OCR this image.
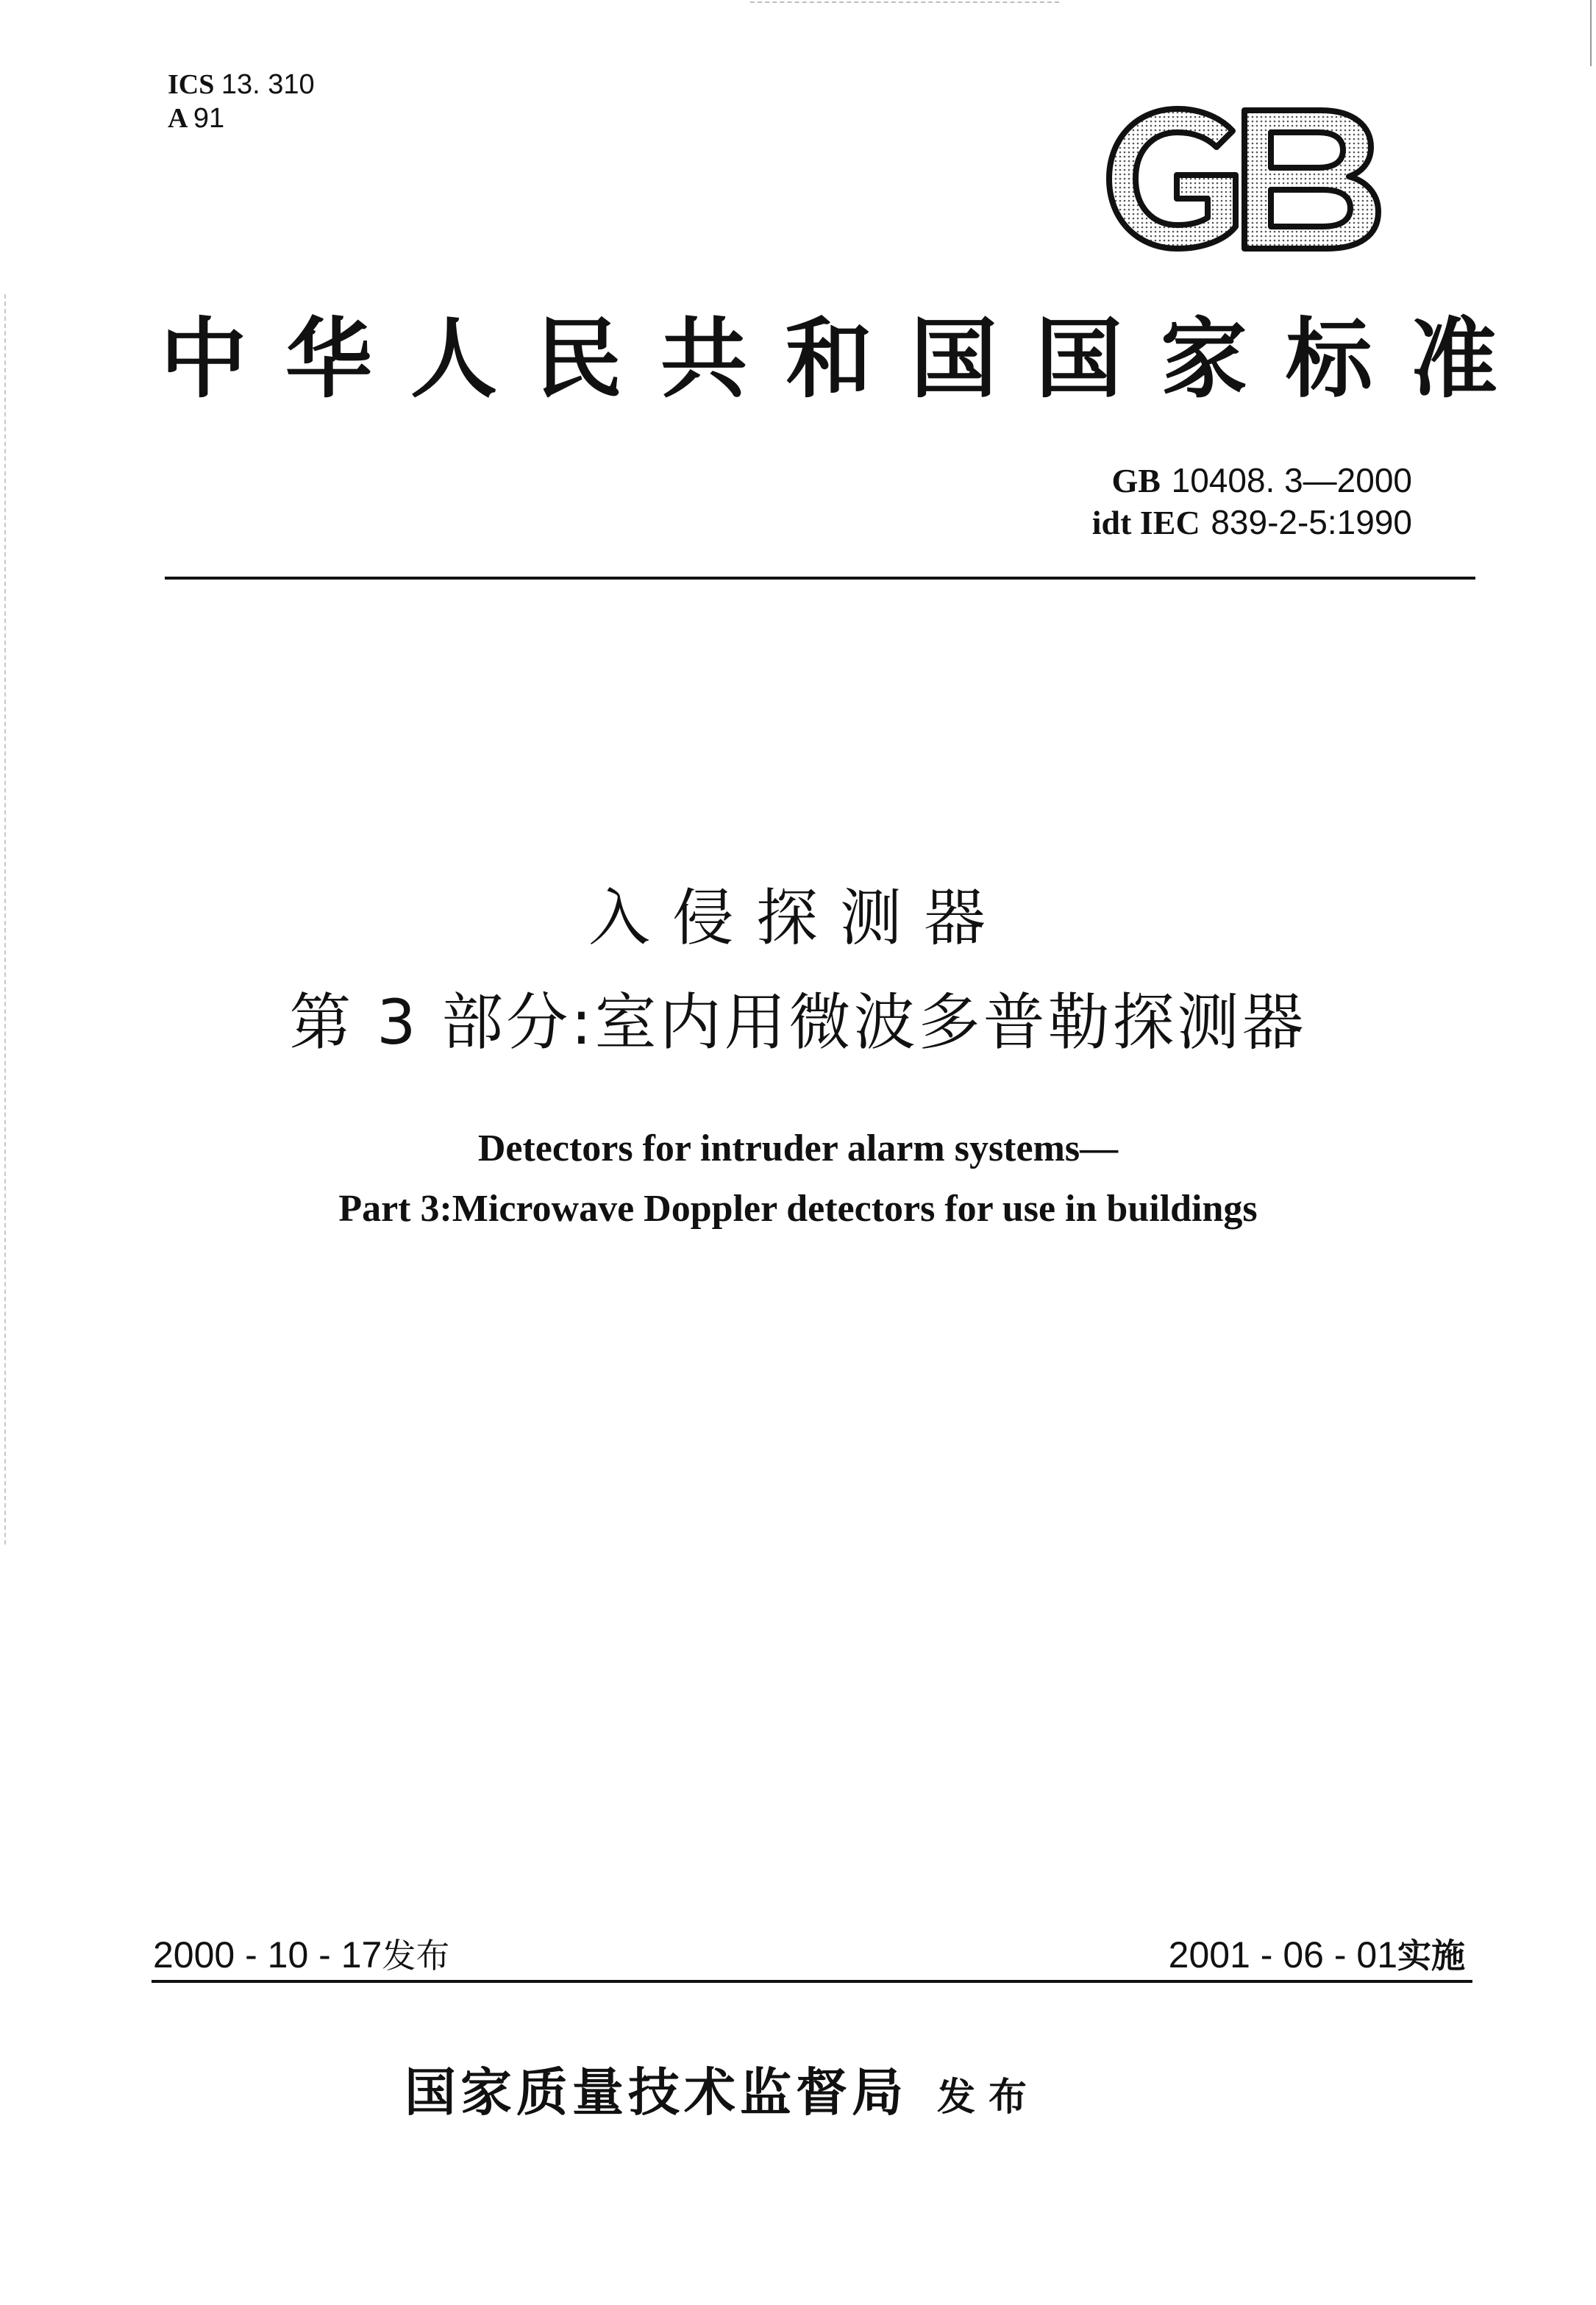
ICS 13. 310
A 91
中华人民共和国国家标准
GB 10408. 3—2000
idt IEC 839-2-5:1990
入侵探测器
第 3 部分:室内用微波多普勒探测器
Detectors for intruder alarm systems—
Part 3:Microwave Doppler detectors for use in buildings
2000 - 10 - 17发布	2001 - 06 - 01实施
国家质量技术监督局 发布
